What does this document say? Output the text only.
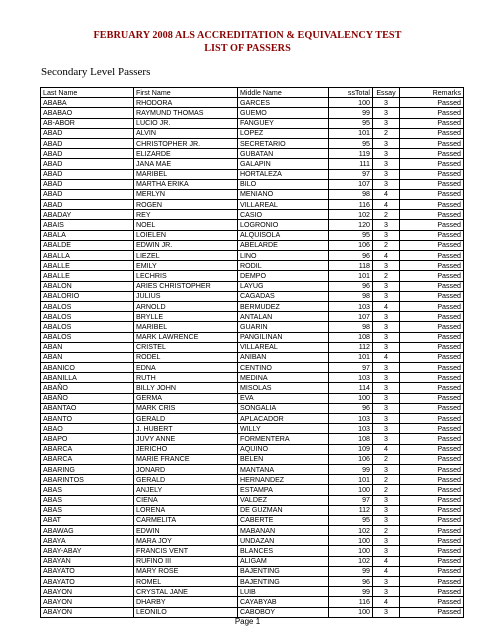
FEBRUARY 2008 ALS ACCREDITATION & EQUIVALENCY TEST
LIST OF PASSERS
Secondary Level Passers
Last Name	First Name	Middle Name	ssTotal	Essay	Remarks
ABABA	RHODORA	GARCES	100	3	Passed
ABABAO	RAYMUND THOMAS	GUEMO	99	3	Passed
AB-ABOR	LUCIO JR.	FANGUEY	95	3	Passed
ABAD	ALVIN	LOPEZ	101	2	Passed
ABAD	CHRISTOPHER JR.	SECRETARIO	95	3	Passed
ABAD	ELIZARDE	GUBATAN	119	3	Passed
ABAD	JANA MAE	GALAPIN	111	3	Passed
ABAD	MARIBEL	HORTALEZA	97	3	Passed
ABAD	MARTHA ERIKA	BILO	107	3	Passed
ABAD	MERLYN	MENIANO	98	4	Passed
ABAD	ROGEN	VILLAREAL	116	4	Passed
ABADAY	REY	CASIO	102	2	Passed
ABAIS	NOEL	LOGRONIO	120	3	Passed
ABALA	LOIELEN	ALQUISOLA	95	3	Passed
ABALDE	EDWIN JR.	ABELARDE	106	2	Passed
ABALLA	LIEZEL	LINO	96	4	Passed
ABALLE	EMILY	RODIL	118	3	Passed
ABALLE	LECHRIS	DEMPO	101	2	Passed
ABALON	ARIES CHRISTOPHER	LAYUG	96	3	Passed
ABALORIO	JULIUS	CAGADAS	98	3	Passed
ABALOS	ARNOLD	BERMUDEZ	103	4	Passed
ABALOS	BRYLLE	ANTALAN	107	3	Passed
ABALOS	MARIBEL	GUARIN	98	3	Passed
ABALOS	MARK LAWRENCE	PANGILINAN	108	3	Passed
ABAN	CRISTEL	VILLAREAL	112	3	Passed
ABAN	RODEL	ANIBAN	101	4	Passed
ABANICO	EDNA	CENTINO	97	3	Passed
ABANILLA	RUTH	MEDINA	103	3	Passed
ABAÑO	BILLY JOHN	MISOLAS	114	3	Passed
ABAÑO	GERMA	EVA	100	3	Passed
ABANTAO	MARK CRIS	SONGALIA	96	3	Passed
ABANTO	GERALD	APLACADOR	103	3	Passed
ABAO	J. HUBERT	WILLY	103	3	Passed
ABAPO	JUVY ANNE	FORMENTERA	108	3	Passed
ABARCA	JERICHO	AQUINO	109	4	Passed
ABARCA	MARIE FRANCE	BELEN	106	2	Passed
ABARING	JONARD	MANTANA	99	3	Passed
ABARINTOS	GERALD	HERNANDEZ	101	2	Passed
ABAS	ANJELY	ESTAMPA	100	2	Passed
ABAS	CIENA	VALDEZ	97	3	Passed
ABAS	LORENA	DE GUZMAN	112	3	Passed
ABAT	CARMELITA	CABERTE	95	3	Passed
ABAWAG	EDWIN	MABANAN	102	2	Passed
ABAYA	MARA JOY	UNDAZAN	100	3	Passed
ABAY-ABAY	FRANCIS VENT	BLANCES	100	3	Passed
ABAYAN	RUFINO III	ALIGAM	102	4	Passed
ABAYATO	MARY ROSE	BAJENTING	99	4	Passed
ABAYATO	ROMEL	BAJENTING	96	3	Passed
ABAYON	CRYSTAL JANE	LUIB	99	3	Passed
ABAYON	DHARBY	CAYABYAB	116	4	Passed
ABAYON	LEONILO	CABOBOY	100	3	Passed
Page 1
